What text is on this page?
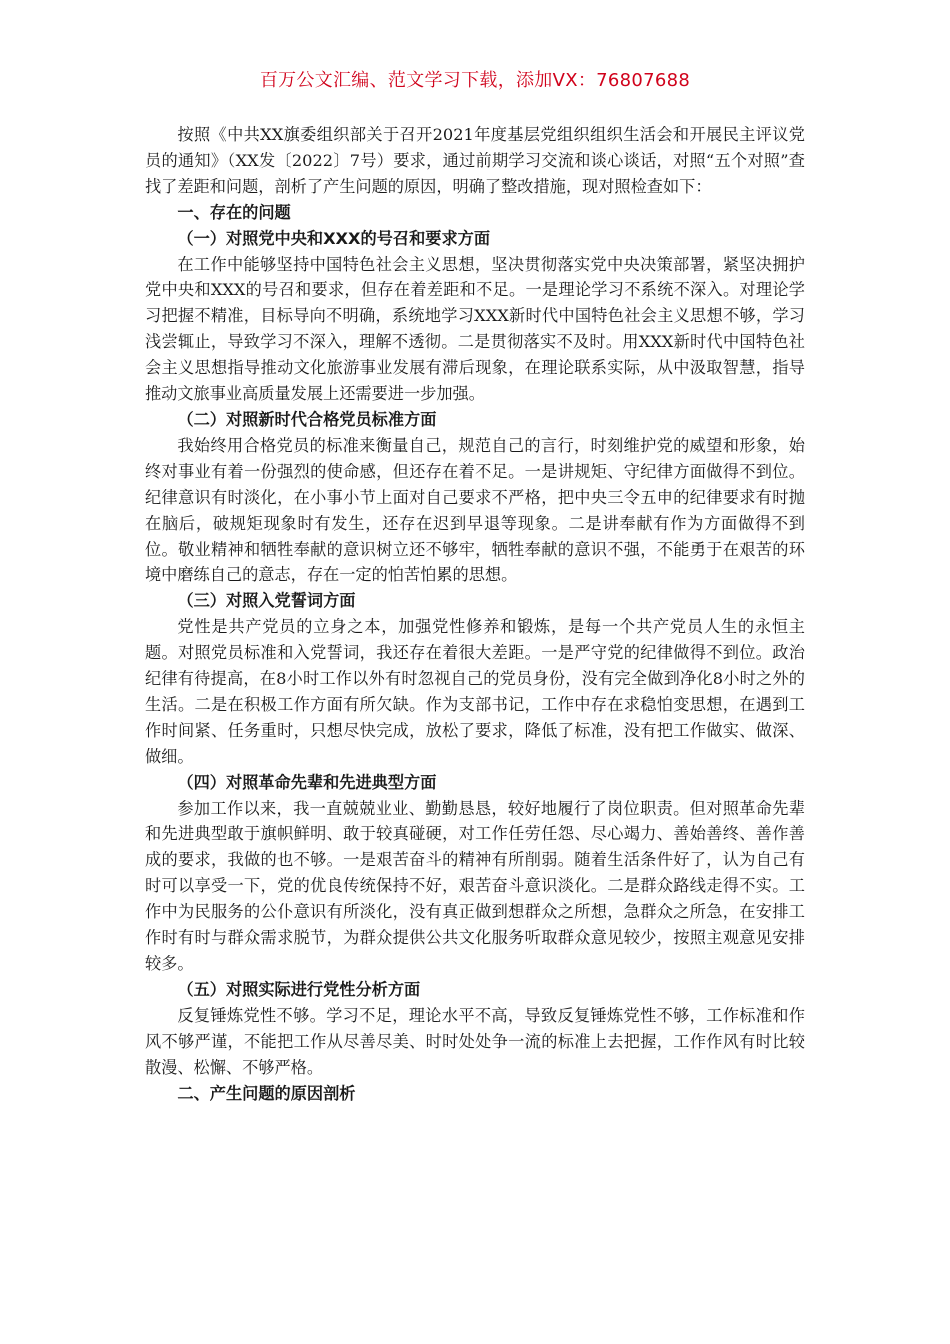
百万公文汇编、范文学习下载，添加VX：76807688

按照《中共XX旗委组织部关于召开2021年度基层党组织组织生活会和开展民主评议党员的通知》（XX发〔2022〕7号）要求，通过前期学习交流和谈心谈话，对照“五个对照”查找了差距和问题，剖析了产生问题的原因，明确了整改措施，现对照检查如下：

一、存在的问题
（一）对照党中央和XXX的号召和要求方面

在工作中能够坚持中国特色社会主义思想，坚决贯彻落实党中央决策部署，紧坚决拥护党中央和XXX的号召和要求，但存在着差距和不足。一是理论学习不系统不深入。对理论学习把握不精准，目标导向不明确，系统地学习XXX新时代中国特色社会主义思想不够，学习浅尝辄止，导致学习不深入，理解不透彻。二是贯彻落实不及时。用XXX新时代中国特色社会主义思想指导推动文化旅游事业发展有滞后现象，在理论联系实际，从中汲取智慧，指导推动文旅事业高质量发展上还需要进一步加强。

（二）对照新时代合格党员标准方面

我始终用合格党员的标准来衡量自己，规范自己的言行，时刻维护党的威望和形象，始终对事业有着一份强烈的使命感，但还存在着不足。一是讲规矩、守纪律方面做得不到位。纪律意识有时淡化，在小事小节上面对自己要求不严格，把中央三令五申的纪律要求有时抛在脑后，破规矩现象时有发生，还存在迟到早退等现象。二是讲奉献有作为方面做得不到位。敬业精神和牺牲奉献的意识树立还不够牢，牺牲奉献的意识不强，不能勇于在艰苦的环境中磨练自己的意志，存在一定的怕苦怕累的思想。

（三）对照入党誓词方面

党性是共产党员的立身之本，加强党性修养和锻炼，是每一个共产党员人生的永恒主题。对照党员标准和入党誓词，我还存在着很大差距。一是严守党的纪律做得不到位。政治纪律有待提高，在8小时工作以外有时忽视自己的党员身份，没有完全做到净化8小时之外的生活。二是在积极工作方面有所欠缺。作为支部书记，工作中存在求稳怕变思想，在遇到工作时间紧、任务重时，只想尽快完成，放松了要求，降低了标准，没有把工作做实、做深、做细。

（四）对照革命先辈和先进典型方面

参加工作以来，我一直兢兢业业、勤勤恳恳，较好地履行了岗位职责。但对照革命先辈和先进典型敢于旗帜鲜明、敢于较真碰硬，对工作任劳任怨、尽心竭力、善始善终、善作善成的要求，我做的也不够。一是艰苦奋斗的精神有所削弱。随着生活条件好了，认为自己有时可以享受一下，党的优良传统保持不好，艰苦奋斗意识淡化。二是群众路线走得不实。工作中为民服务的公仆意识有所淡化，没有真正做到想群众之所想，急群众之所急，在安排工作时有时与群众需求脱节，为群众提供公共文化服务听取群众意见较少，按照主观意见安排较多。

（五）对照实际进行党性分析方面

反复锤炼党性不够。学习不足，理论水平不高，导致反复锤炼党性不够，工作标准和作风不够严谨，不能把工作从尽善尽美、时时处处争一流的标准上去把握，工作作风有时比较散漫、松懈、不够严格。

二、产生问题的原因剖析
